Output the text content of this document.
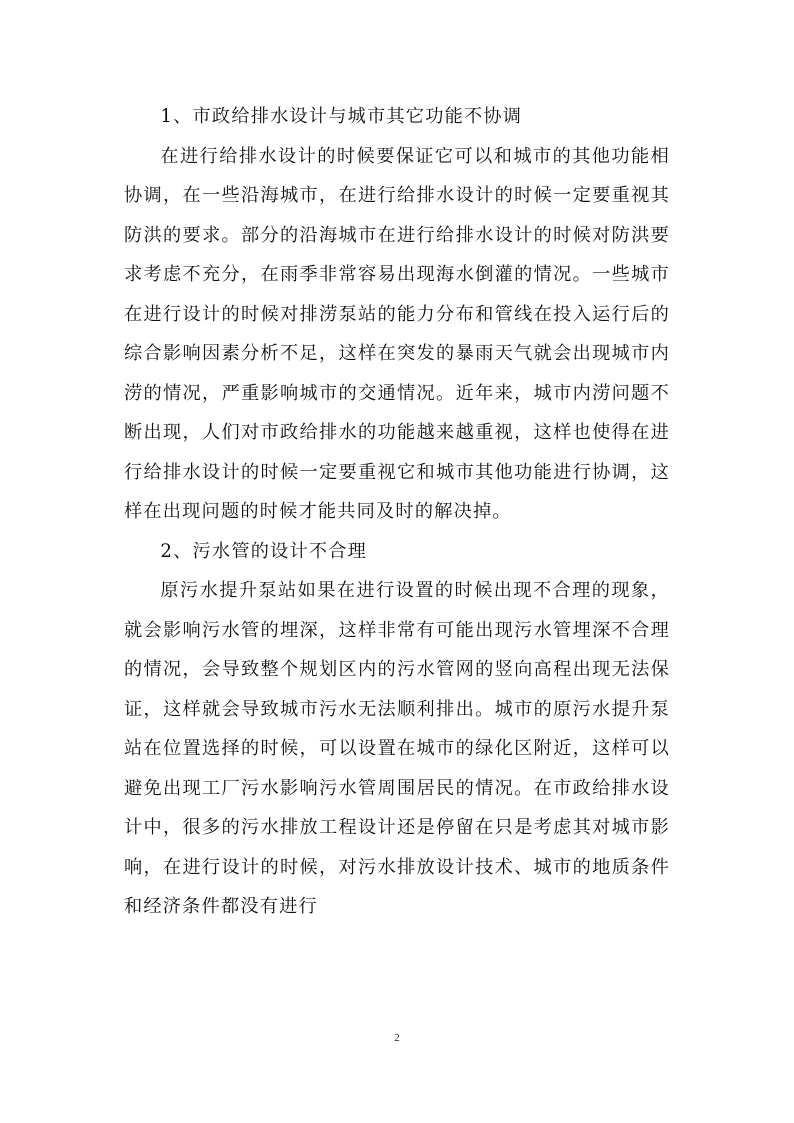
1、市政给排水设计与城市其它功能不协调

在进行给排水设计的时候要保证它可以和城市的其他功能相协调，在一些沿海城市，在进行给排水设计的时候一定要重视其防洪的要求。部分的沿海城市在进行给排水设计的时候对防洪要求考虑不充分，在雨季非常容易出现海水倒灌的情况。一些城市在进行设计的时候对排涝泵站的能力分布和管线在投入运行后的综合影响因素分析不足，这样在突发的暴雨天气就会出现城市内涝的情况，严重影响城市的交通情况。近年来，城市内涝问题不断出现，人们对市政给排水的功能越来越重视，这样也使得在进行给排水设计的时候一定要重视它和城市其他功能进行协调，这样在出现问题的时候才能共同及时的解决掉。

2、污水管的设计不合理

原污水提升泵站如果在进行设置的时候出现不合理的现象，就会影响污水管的埋深，这样非常有可能出现污水管埋深不合理的情况，会导致整个规划区内的污水管网的竖向高程出现无法保证，这样就会导致城市污水无法顺利排出。城市的原污水提升泵站在位置选择的时候，可以设置在城市的绿化区附近，这样可以避免出现工厂污水影响污水管周围居民的情况。在市政给排水设计中，很多的污水排放工程设计还是停留在只是考虑其对城市影响，在进行设计的时候，对污水排放设计技术、城市的地质条件和经济条件都没有进行

2
